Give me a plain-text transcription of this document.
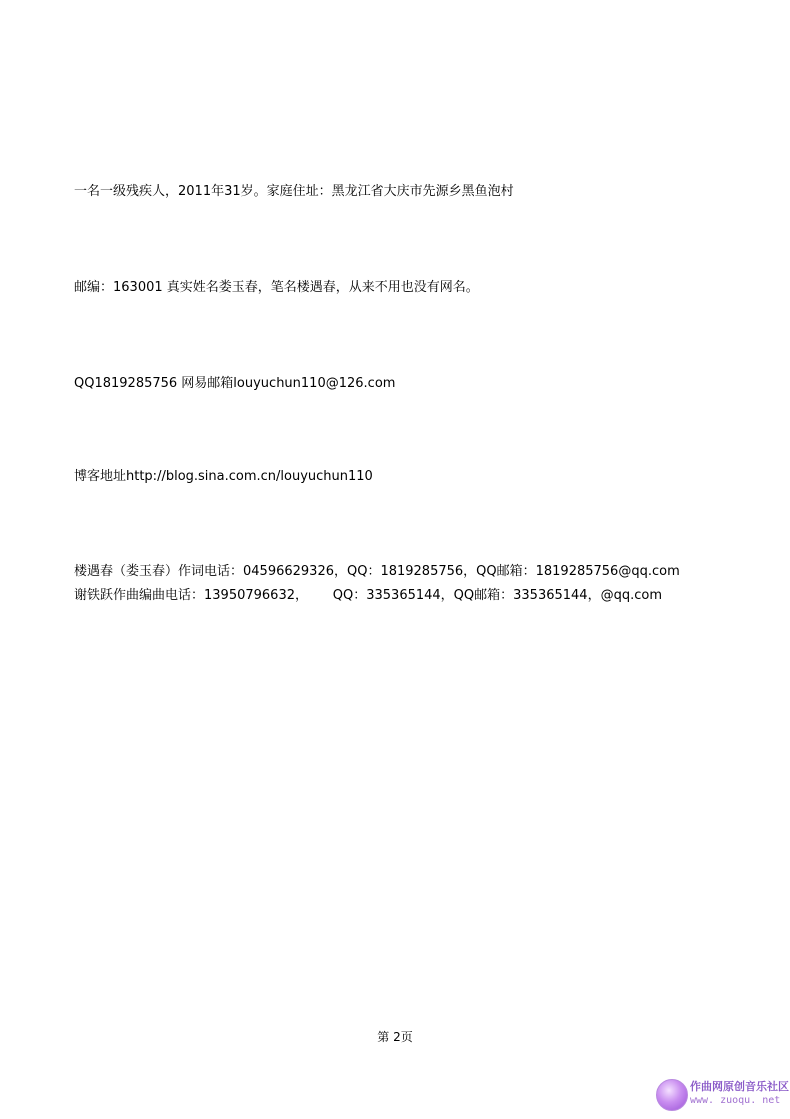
一名一级残疾人，2011年31岁。家庭住址：黑龙江省大庆市先源乡黑鱼泡村
邮编：163001 真实姓名娄玉春，笔名楼遇春，从来不用也没有网名。
QQ1819285756 网易邮箱louyuchun110@126.com
博客地址http://blog.sina.com.cn/louyuchun110
楼遇春（娄玉春）作词电话：04596629326，QQ：1819285756，QQ邮箱：1819285756@qq.com
谢铁跃作曲编曲电话：13950796632，      QQ：335365144，QQ邮箱：335365144，@qq.com
第 2页
作曲网原创音乐社区
www. zuoqu. net
